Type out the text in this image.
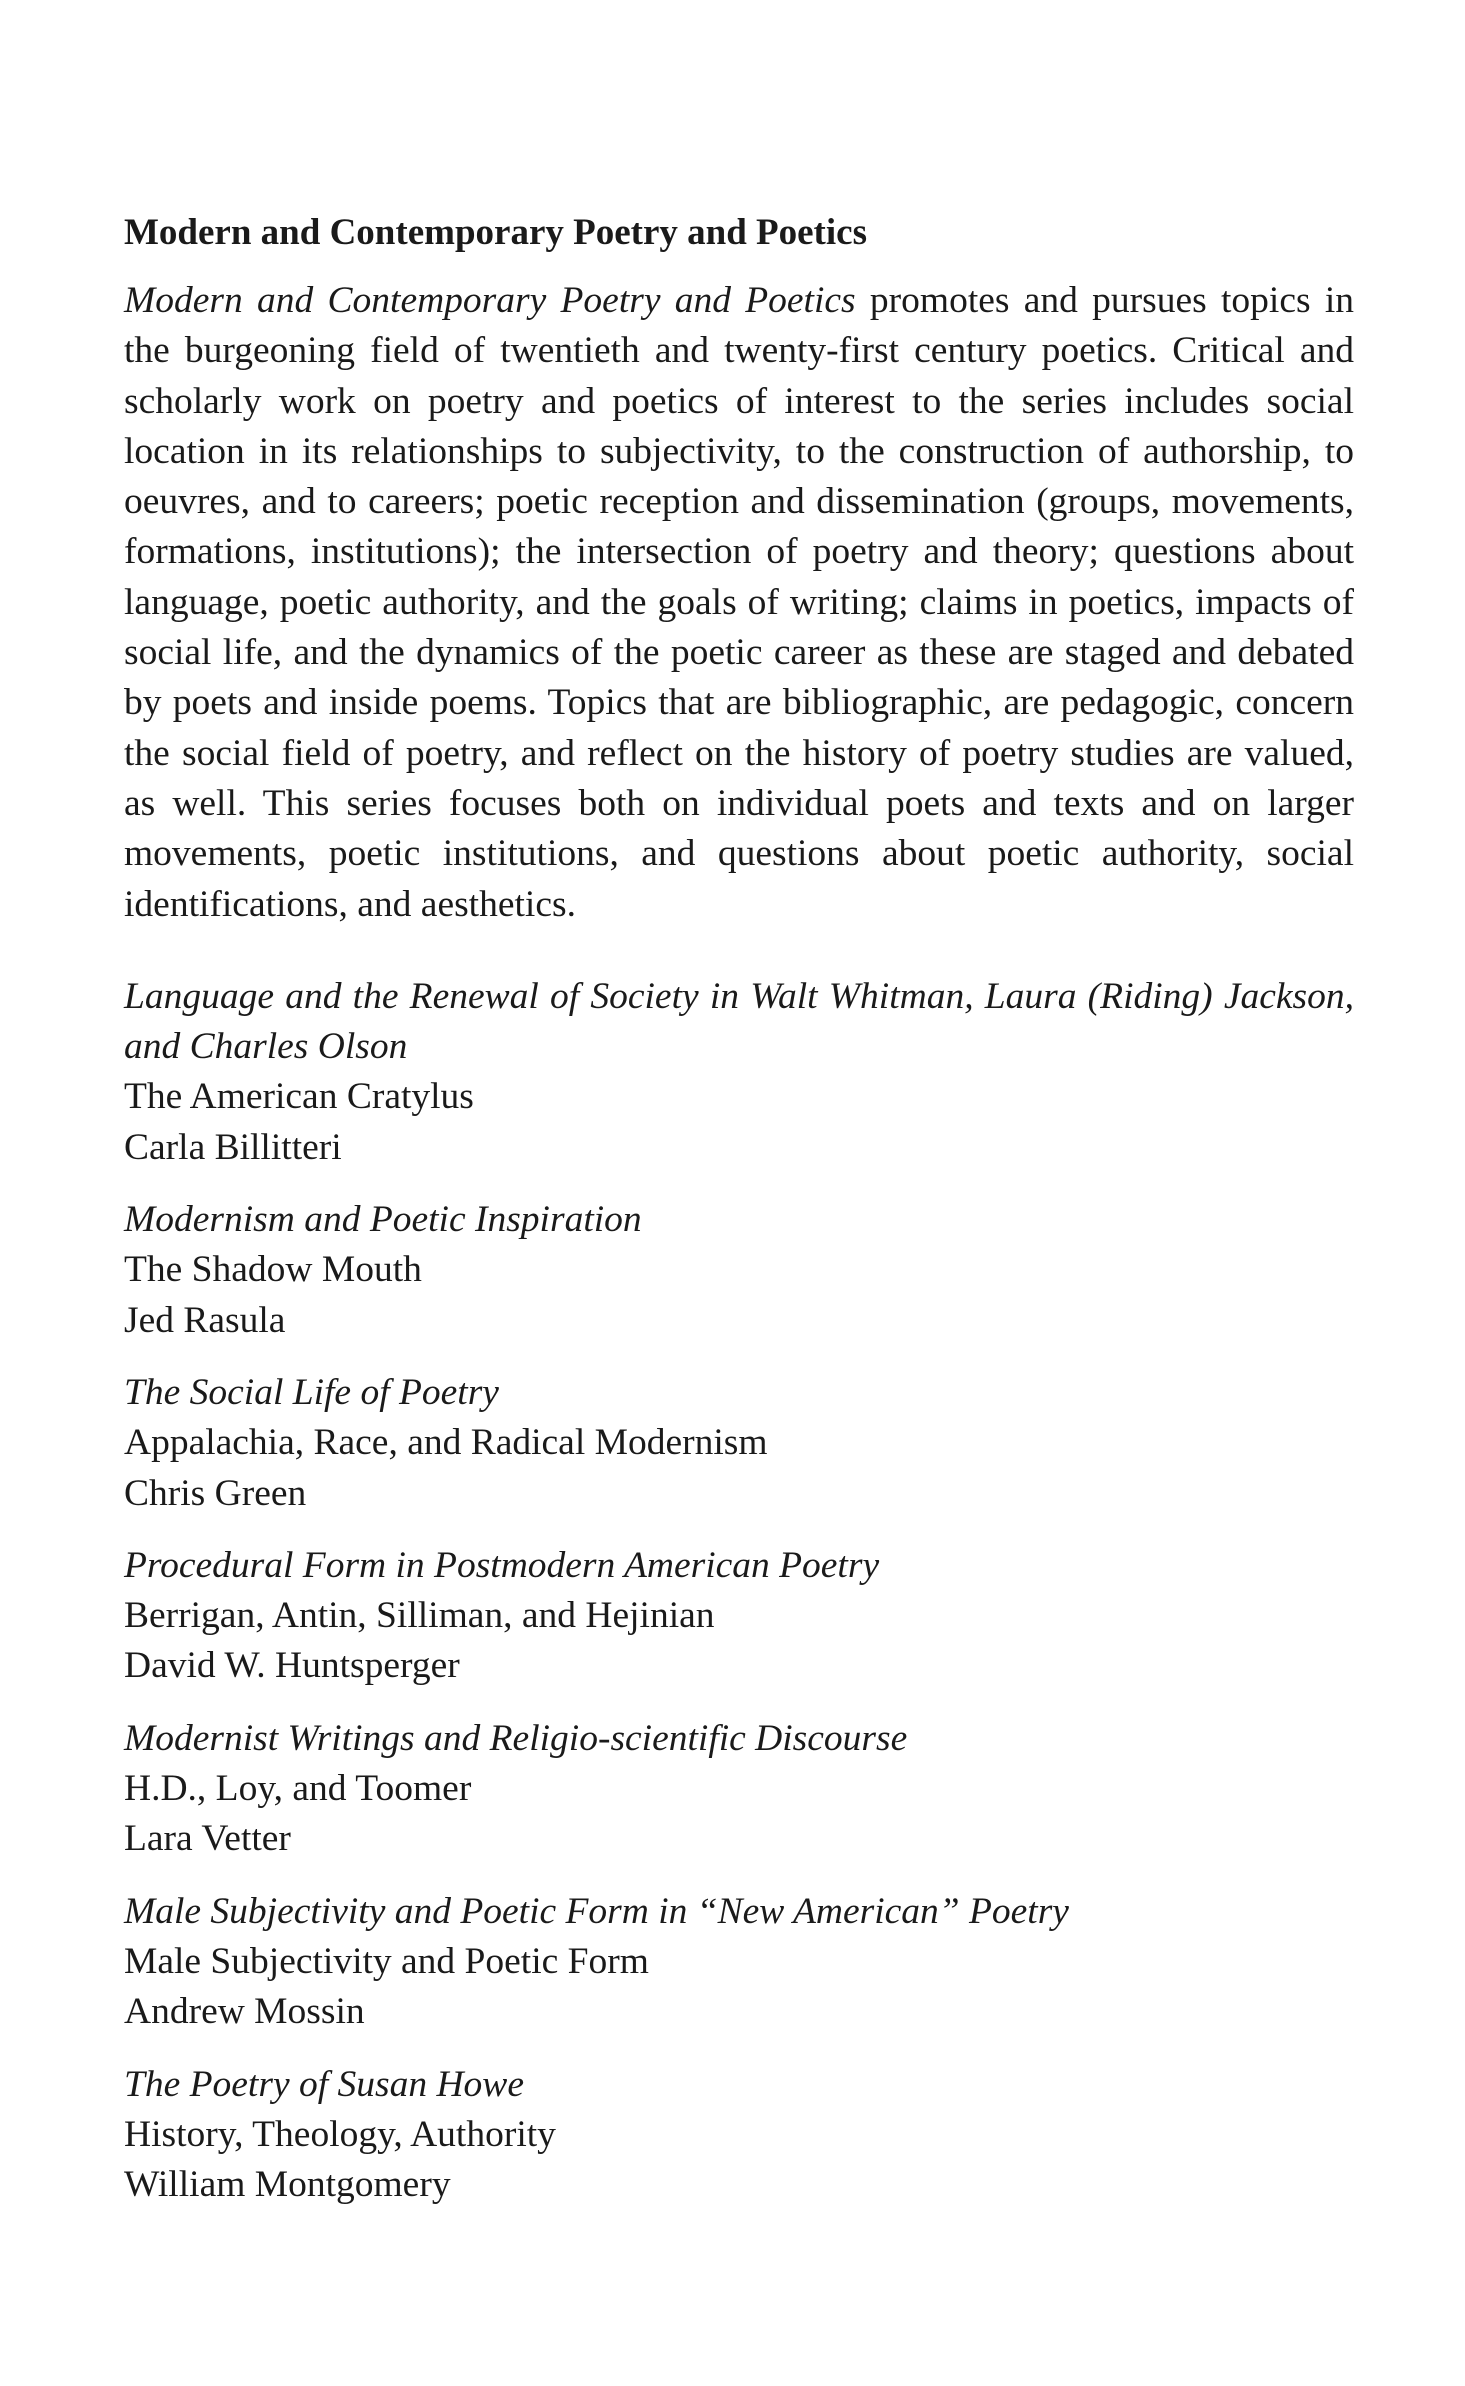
Modern and Contemporary Poetry and Poetics

Modern and Contemporary Poetry and Poetics promotes and pursues topics in the burgeoning field of twentieth and twenty-first century poetics. Critical and scholarly work on poetry and poetics of interest to the series includes social location in its relationships to subjectivity, to the construction of authorship, to oeuvres, and to careers; poetic reception and dissemination (groups, movements, formations, institutions); the intersection of poetry and theory; questions about language, poetic authority, and the goals of writing; claims in poetics, impacts of social life, and the dynamics of the poetic career as these are staged and debated by poets and inside poems. Topics that are bibliographic, are pedagogic, concern the social field of poetry, and reflect on the history of poetry studies are valued, as well. This series focuses both on individual poets and texts and on larger movements, poetic institutions, and questions about poetic authority, social identifications, and aesthetics.

Language and the Renewal of Society in Walt Whitman, Laura (Riding) Jackson, and Charles Olson
The American Cratylus
Carla Billitteri
Modernism and Poetic Inspiration
The Shadow Mouth
Jed Rasula
The Social Life of Poetry
Appalachia, Race, and Radical Modernism
Chris Green
Procedural Form in Postmodern American Poetry
Berrigan, Antin, Silliman, and Hejinian
David W. Huntsperger
Modernist Writings and Religio-scientific Discourse
H.D., Loy, and Toomer
Lara Vetter
Male Subjectivity and Poetic Form in “New American” Poetry
Male Subjectivity and Poetic Form
Andrew Mossin
The Poetry of Susan Howe
History, Theology, Authority
William Montgomery
